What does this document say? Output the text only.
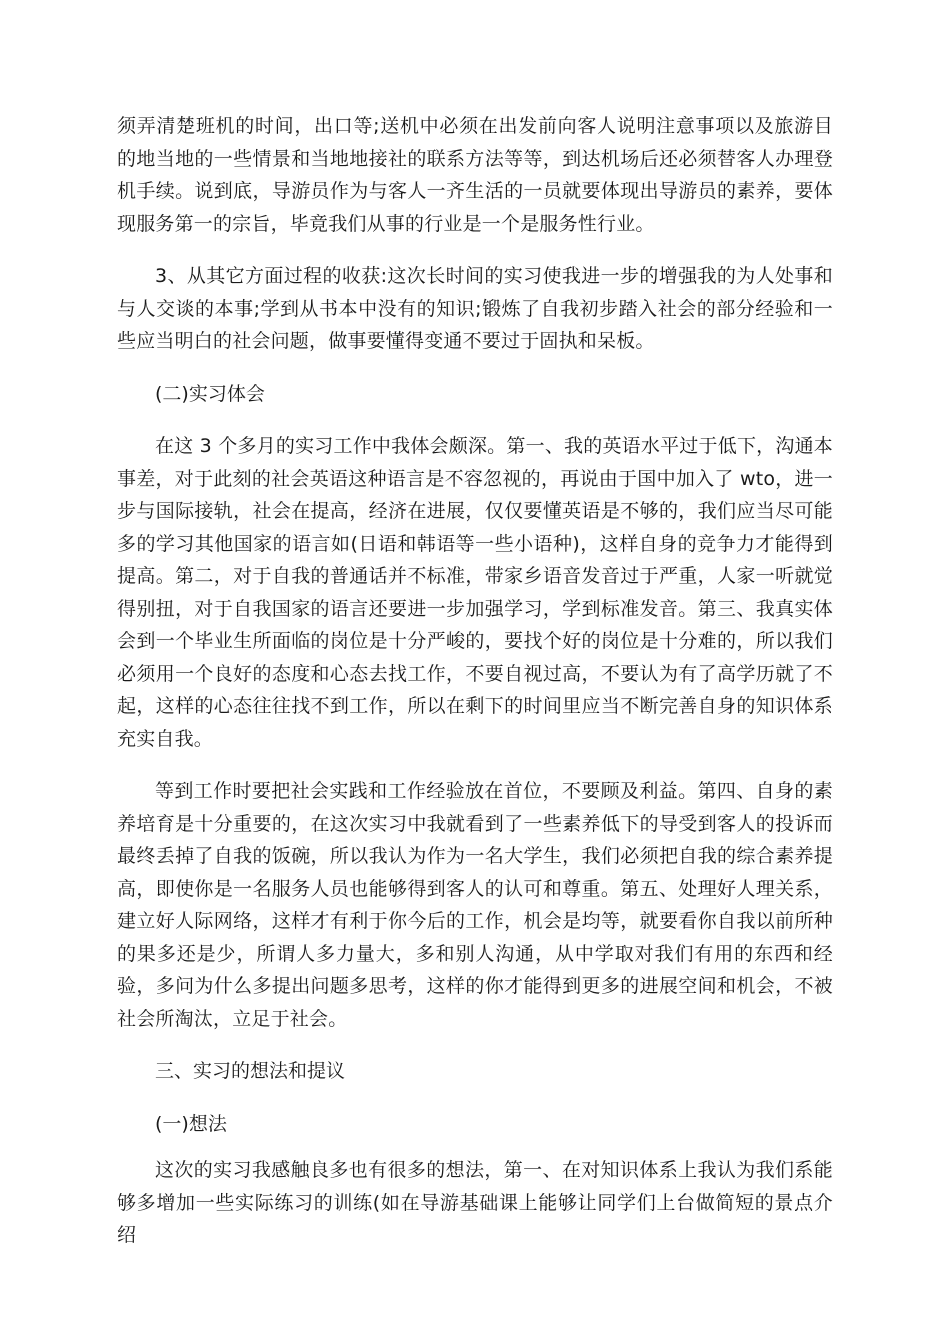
须弄清楚班机的时间，出口等;送机中必须在出发前向客人说明注意事项以及旅游目的地当地的一些情景和当地地接社的联系方法等等，到达机场后还必须替客人办理登机手续。说到底，导游员作为与客人一齐生活的一员就要体现出导游员的素养，要体现服务第一的宗旨，毕竟我们从事的行业是一个是服务性行业。

3、从其它方面过程的收获:这次长时间的实习使我进一步的增强我的为人处事和与人交谈的本事;学到从书本中没有的知识;锻炼了自我初步踏入社会的部分经验和一些应当明白的社会问题，做事要懂得变通不要过于固执和呆板。

(二)实习体会

在这 3 个多月的实习工作中我体会颇深。第一、我的英语水平过于低下，沟通本事差，对于此刻的社会英语这种语言是不容忽视的，再说由于国中加入了 wto，进一步与国际接轨，社会在提高，经济在进展，仅仅要懂英语是不够的，我们应当尽可能多的学习其他国家的语言如(日语和韩语等一些小语种)，这样自身的竞争力才能得到提高。第二，对于自我的普通话并不标准，带家乡语音发音过于严重，人家一听就觉得别扭，对于自我国家的语言还要进一步加强学习，学到标准发音。第三、我真实体会到一个毕业生所面临的岗位是十分严峻的，要找个好的岗位是十分难的，所以我们必须用一个良好的态度和心态去找工作，不要自视过高，不要认为有了高学历就了不起，这样的心态往往找不到工作，所以在剩下的时间里应当不断完善自身的知识体系充实自我。

等到工作时要把社会实践和工作经验放在首位，不要顾及利益。第四、自身的素养培育是十分重要的，在这次实习中我就看到了一些素养低下的导受到客人的投诉而最终丢掉了自我的饭碗，所以我认为作为一名大学生，我们必须把自我的综合素养提高，即使你是一名服务人员也能够得到客人的认可和尊重。第五、处理好人理关系，建立好人际网络，这样才有利于你今后的工作，机会是均等，就要看你自我以前所种的果多还是少，所谓人多力量大，多和别人沟通，从中学取对我们有用的东西和经验，多问为什么多提出问题多思考，这样的你才能得到更多的进展空间和机会，不被社会所淘汰，立足于社会。

三、实习的想法和提议

(一)想法

这次的实习我感触良多也有很多的想法，第一、在对知识体系上我认为我们系能够多增加一些实际练习的训练(如在导游基础课上能够让同学们上台做简短的景点介绍
